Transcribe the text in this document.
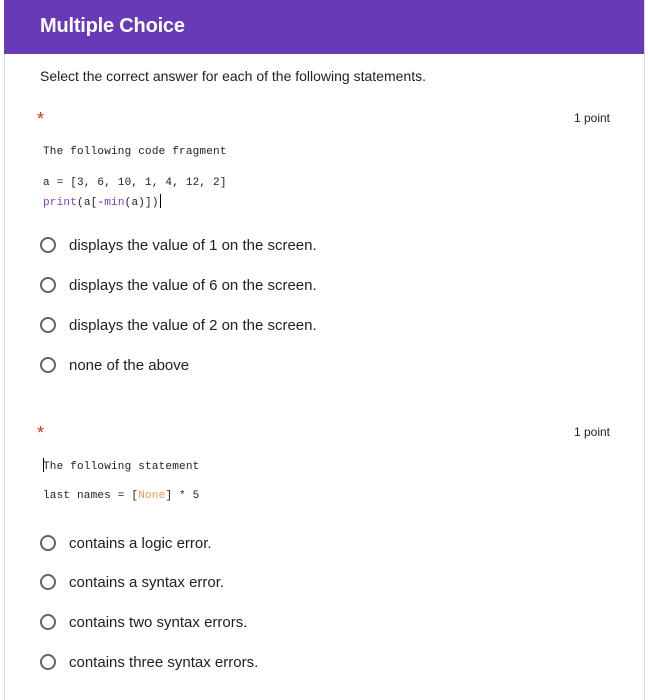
Multiple Choice
Select the correct answer for each of the following statements.
*	1 point
The following code fragment
a = [3, 6, 10, 1, 4, 12, 2]
print(a[-min(a)])
displays the value of 1 on the screen.
displays the value of 6 on the screen.
displays the value of 2 on the screen.
none of the above
*	1 point
The following statement
last names = [None] * 5
contains a logic error.
contains a syntax error.
contains two syntax errors.
contains three syntax errors.
